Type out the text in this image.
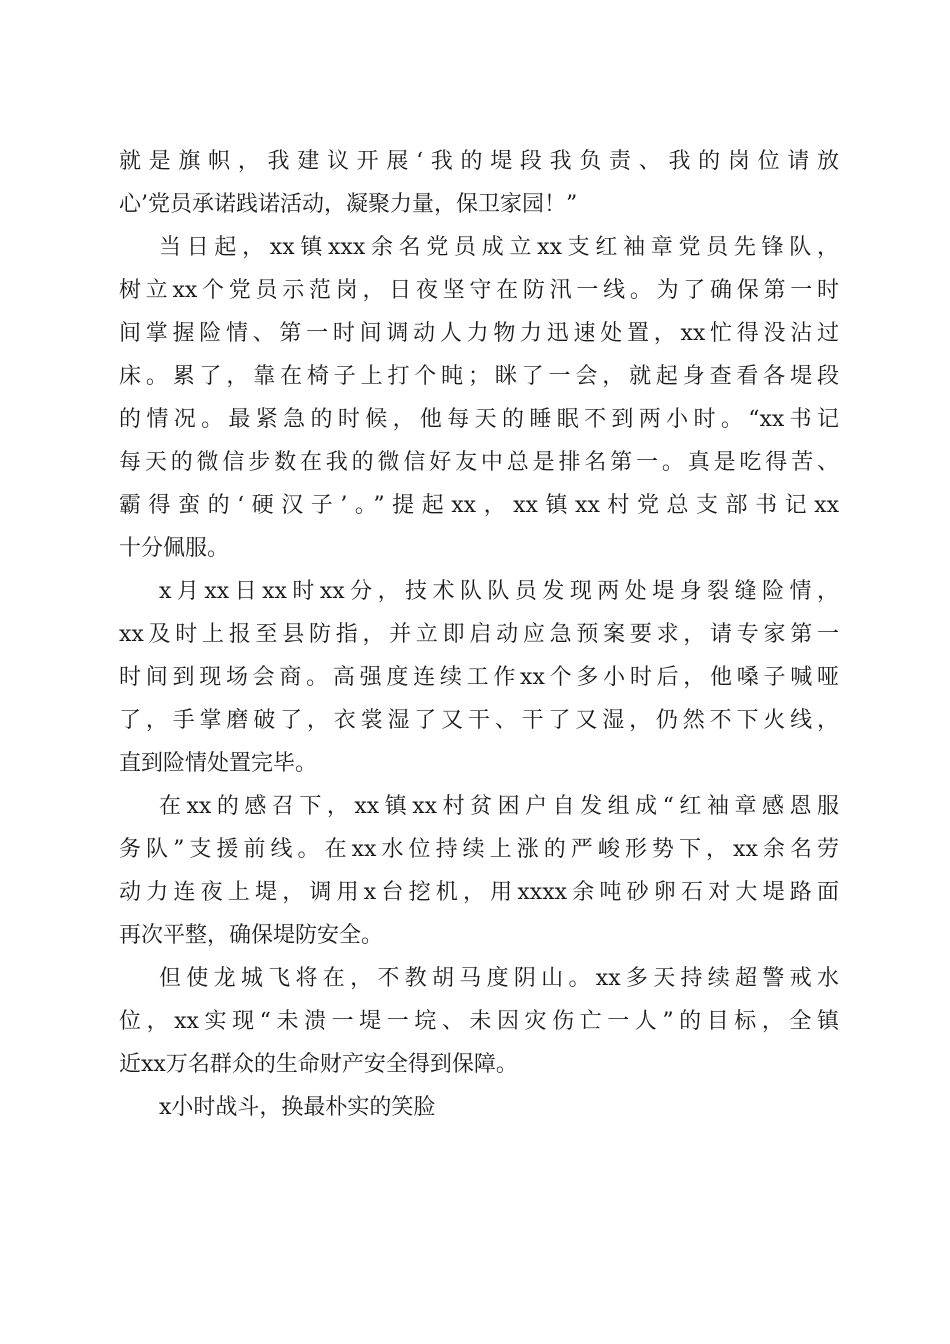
就是旗帜，我建议开展‘我的堤段我负责、我的岗位请放
心’党员承诺践诺活动，凝聚力量，保卫家园！”
当日起，xx镇xxx余名党员成立xx支红袖章党员先锋队，
树立xx个党员示范岗，日夜坚守在防汛一线。为了确保第一时
间掌握险情、第一时间调动人力物力迅速处置，xx忙得没沾过
床。累了，靠在椅子上打个盹；眯了一会，就起身查看各堤段
的情况。最紧急的时候，他每天的睡眠不到两小时。“xx书记
每天的微信步数在我的微信好友中总是排名第一。真是吃得苦、
霸得蛮的‘硬汉子’。”提起xx，xx镇xx村党总支部书记xx
十分佩服。
x月xx日xx时xx分，技术队队员发现两处堤身裂缝险情，
xx及时上报至县防指，并立即启动应急预案要求，请专家第一
时间到现场会商。高强度连续工作xx个多小时后，他嗓子喊哑
了，手掌磨破了，衣裳湿了又干、干了又湿，仍然不下火线，
直到险情处置完毕。
在xx的感召下，xx镇xx村贫困户自发组成“红袖章感恩服
务队”支援前线。在xx水位持续上涨的严峻形势下，xx余名劳
动力连夜上堤，调用x台挖机，用xxxx余吨砂卵石对大堤路面
再次平整，确保堤防安全。
但使龙城飞将在，不教胡马度阴山。xx多天持续超警戒水
位，xx实现“未溃一堤一垸、未因灾伤亡一人”的目标，全镇
近xx万名群众的生命财产安全得到保障。
x小时战斗，换最朴实的笑脸
